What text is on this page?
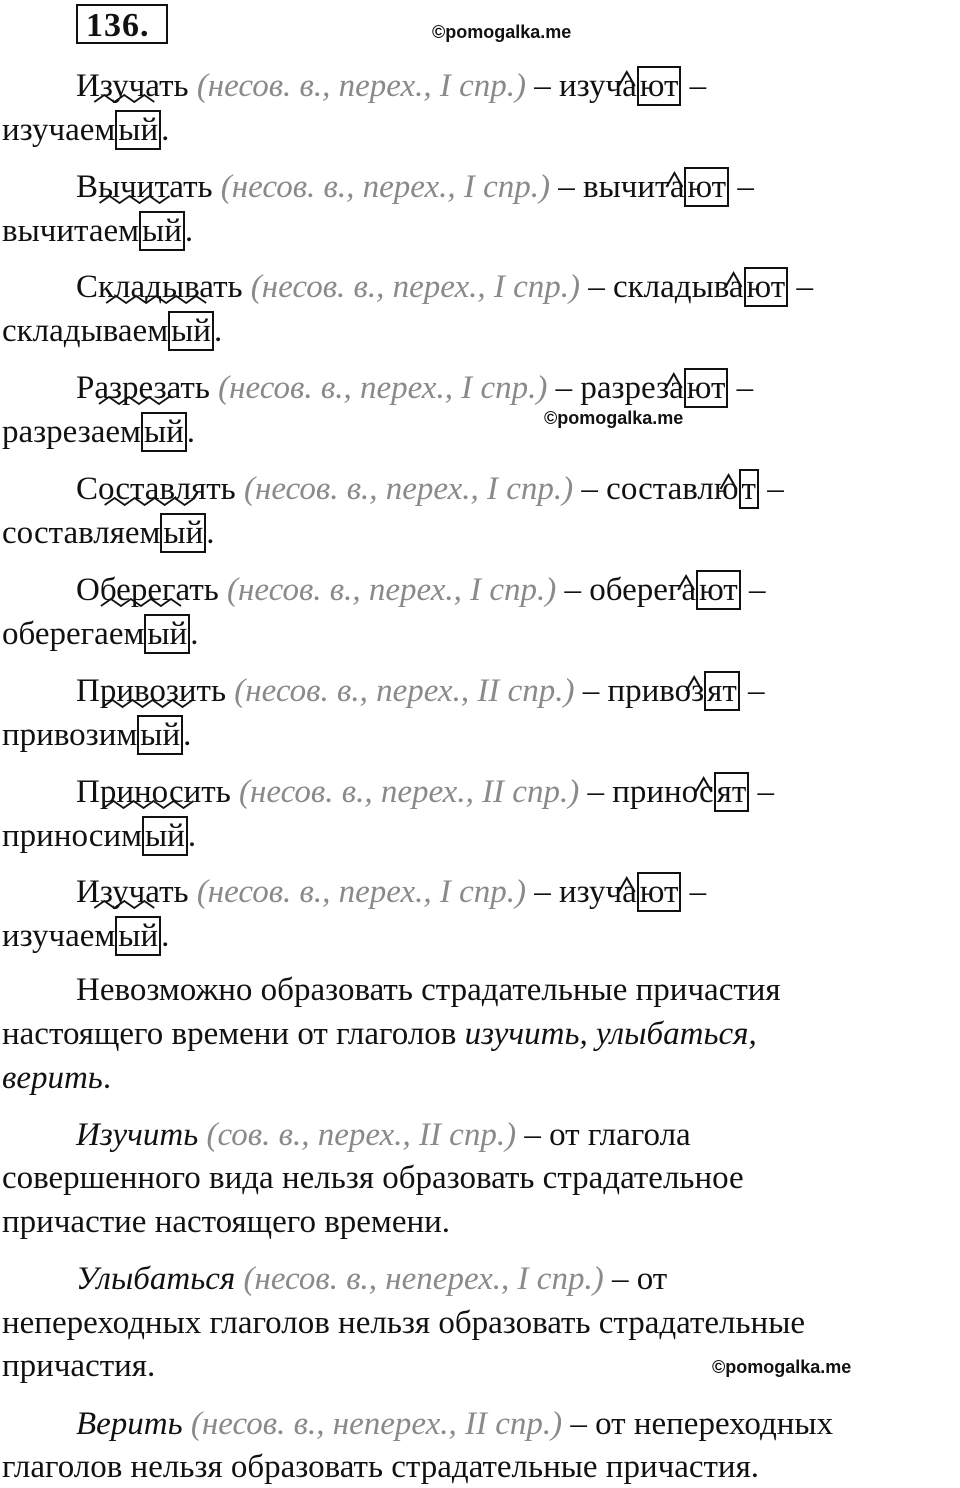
136.	©pomogalka.me
©pomogalka.me
©pomogalka.me

Изучать (несов. в., перех., I спр.) – изучают –

изучаемый.

Вычитать (несов. в., перех., I спр.) – вычитают –

вычитаемый.

Складывать (несов. в., перех., I спр.) – складывают –

складываемый.

Разрезать (несов. в., перех., I спр.) – разрезают –

разрезаемый.

Составлять (несов. в., перех., I спр.) – составлют –

составляемый.

Оберегать (несов. в., перех., I спр.) – оберегают –

оберегаемый.

Привозить (несов. в., перех., II спр.) – привозят –

привозимый.

Приносить (несов. в., перех., II спр.) – приносят –

приносимый.

Изучать (несов. в., перех., I спр.) – изучают –

изучаемый.

Невозможно образовать страдательные причастия

настоящего времени от глаголов изучить, улыбаться,

верить.

Изучить (сов. в., перех., II спр.) – от глагола

совершенного вида нельзя образовать страдательное

причастие настоящего времени.

Улыбаться (несов. в., неперех., I спр.) – от

непереходных глаголов нельзя образовать страдательные

причастия.

Верить (несов. в., неперех., II спр.) – от непереходных

глаголов нельзя образовать страдательные причастия.
